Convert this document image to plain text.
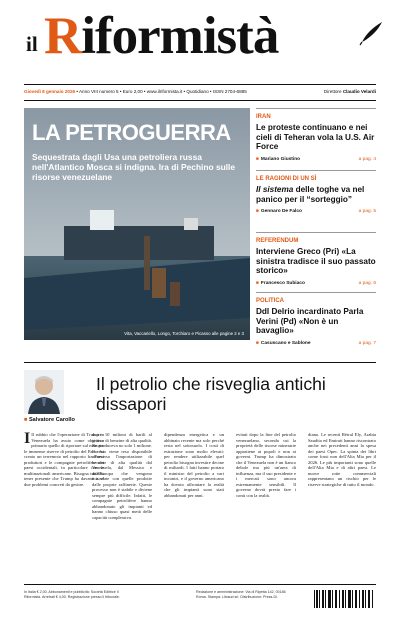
il Riformistà
Giovedì 8 gennaio 2026 • Anno VIII numero 5 • Euro 2,00 • www.ilriformista.it • Quotidiano • ISSN 2704-6885	Direttore Claudio Velardi
LA PETROGUERRA
Sequestrata dagli Usa una petroliera russa nell'Atlantico Mosca si indigna. Ira di Pechino sulle risorse venezuelane
Vita, Vaccariello, Longo, Torchiaro e Picasso alle pagine 2 e 3
IRAN
Le proteste continuano e nei cieli di Teheran vola la U.S. Air Force
■ Mariano Giustino	a pag. 4
LE RAGIONI DI UN SÌ
Il sistema delle toghe va nel panico per il “sorteggio”
■ Gennaro De Falco	a pag. 5
REFERENDUM
Interviene Greco (Pri) «La sinistra tradisce il suo passato storico»
■ Francesco Subiaco	a pag. 6
POLITICA
Ddl Delrio incardinato Parla Verini (Pd) «Non è un bavaglio»
■ Casuscano e Sablone	a pag. 7
■ Salvatore Carollo
Il petrolio che risveglia antichi dissapori

I Il rubbio che l'operazione di Trump in Venezuela ha avuto come obiettivo primario quello di riportare sul mercato le immense riserve di petrolio del Paese ha creato un terremoto nel rapporto fra Paesi produttori e le compagnie petrolifere dei paesi occidentali, in particolare con le multinazionali americane. Bisogna tuttavia tener presente che Trump ha davanti a sé due problemi concreti da gestire.

durre 10 milioni di barili al giorno di benzine di alta qualità. Ne produceva no solo 1 milione. Il resto viene reso disponibile attraverso l'importazione di benzine di alta qualità dal Venezuela, dal Messico e dall'Europa che vengono miscelate con quelle prodotte dalle proprie raffinerie. Queste processo non è stabile e diviene sempre più difficile. Infatti, le compagnie petrolifere hanno abbandonato gli impianti ed hanno chiuso quasi metà delle capacità complessiva.

dipendenza energetica e un abbinato recente ma solo perché resta nel sottosuolo. I costi di estrazione sono molto elevati: per rendere utilizzabile quel petrolio bisogna investire decine di miliardi. I fatti hanno portato il ministro del petrolio a vari incontri, e il governo americano ha dovuto affrontare la realtà che gli impianti sono stati abbandonati per anni.

evitati dopo la fine del petrolio venezuelano, secondo cui la proprietà delle risorse minerarie appartiene ai popoli e non ai governi. Trump ha dimostrato che il Venezuela non è un fianco debole ma più un'area di influenza, ma il suo presidente e i mercati sono ancora estremamente sensibili. Il governo dovrà presto fare i conti con la realtà.

diano. Le recenti Rètral Ely, Arabia Saudita ed Emirati hanno riscontrato anche nei precedenti anni la spesa dei paesi Opec. La spinta dei libri come fossi non dell'Alta Mia per il 2026. Le più importanti sono quelle dell'Alta Mia e di altri paesi. Le nuove rotte commerciali rappresentano un rischio per le riserve strategiche di tutto il mondo.

In Italia € 2,00. Abbonamenti e pubblicità: Società Editrice Il Riformista. Arretrati € 4,00. Registrazione presso il tribunale.
Redazione e amministrazione: Via di Ripetta 142, 00186 Roma. Stampa: Litosud srl. Distribuzione: Press-Di.
